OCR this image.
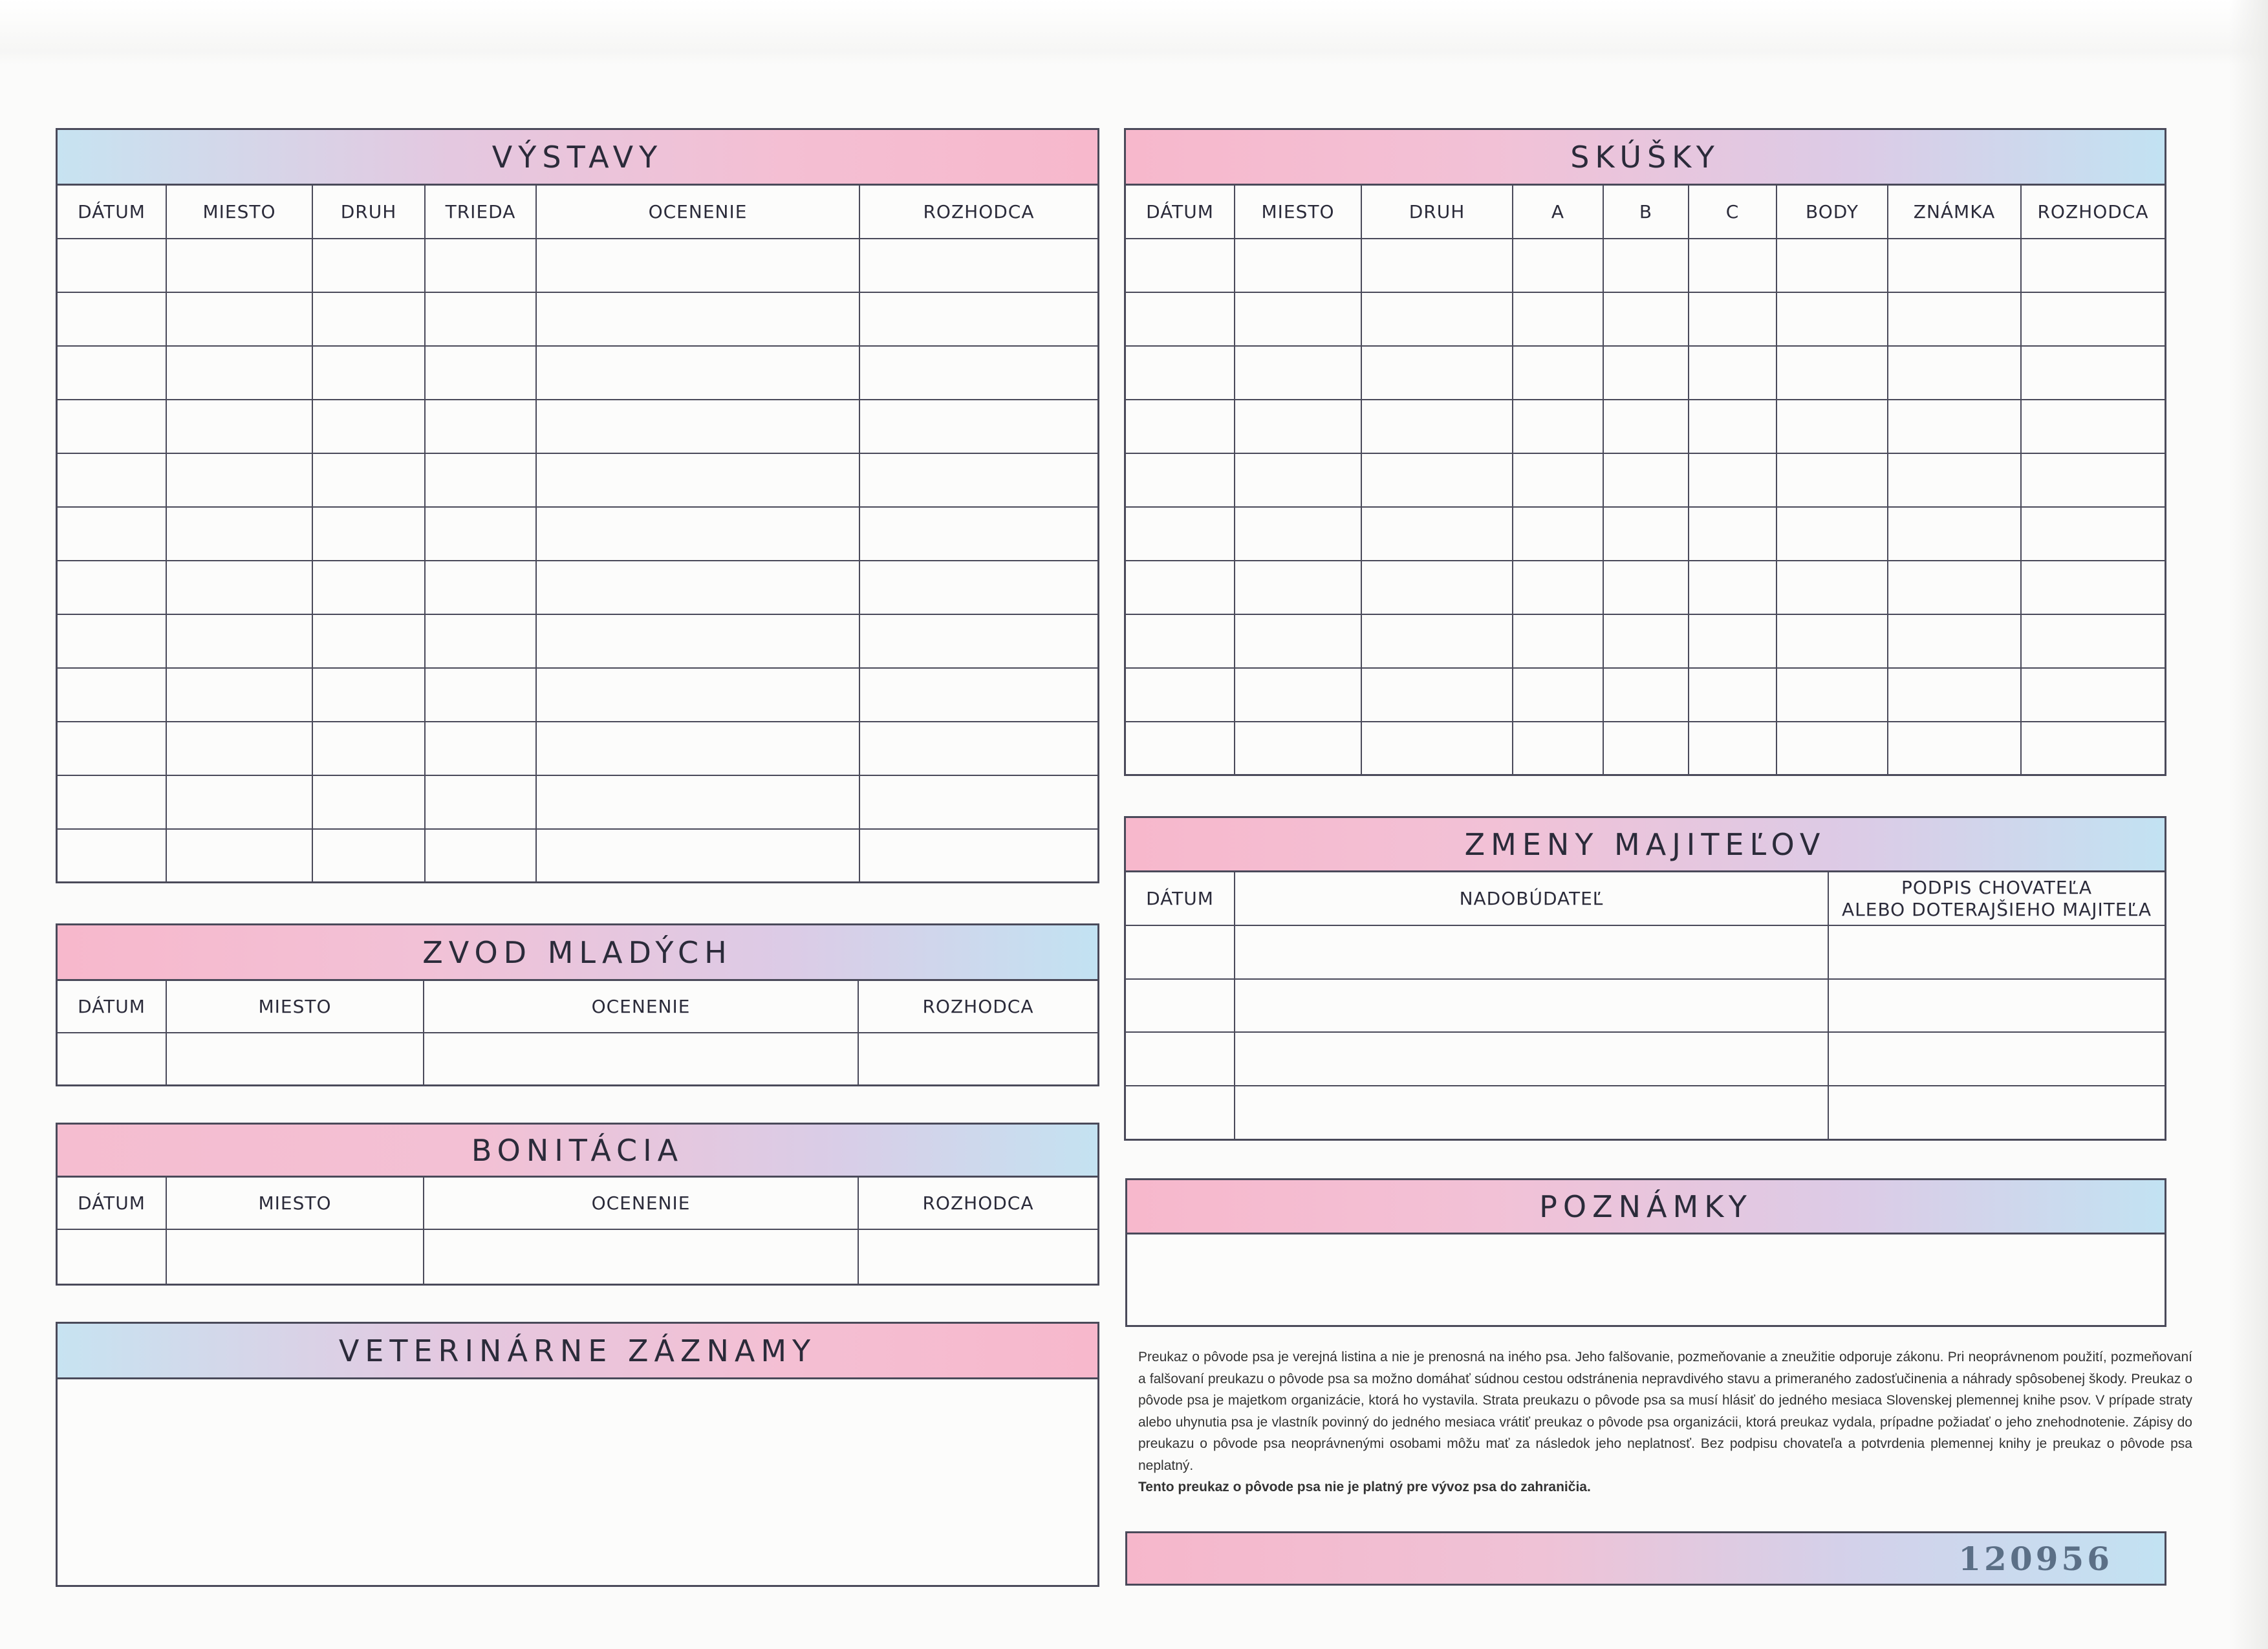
VÝSTAVY
DÁTUM	MIESTO	DRUH	TRIEDA	OCENENIE	ROZHODCA

SKÚŠKY
DÁTUM	MIESTO	DRUH	A	B	C	BODY	ZNÁMKA	ROZHODCA

ZVOD MLADÝCH
DÁTUM	MIESTO	OCENENIE	ROZHODCA

BONITÁCIA
DÁTUM	MIESTO	OCENENIE	ROZHODCA

VETERINÁRNE ZÁZNAMY
ZMENY MAJITEĽOV
DÁTUM	NADOBÚDATEĽ	PODPIS CHOVATEĽA
ALEBO DOTERAJŠIEHO MAJITEĽA

POZNÁMKY
Preukaz o pôvode psa je verejná listina a nie je prenosná na iného psa. Jeho falšovanie, pozmeňovanie a zneužitie odporuje zákonu. Pri neoprávnenom použití, pozmeňovaní a falšovaní preukazu o pôvode psa sa možno domáhať súdnou cestou odstránenia nepravdivého stavu a primeraného zadosťučinenia a náhrady spôsobenej škody. Preukaz o pôvode psa je majetkom organizácie, ktorá ho vystavila. Strata preukazu o pôvode psa sa musí hlásiť do jedného mesiaca Slovenskej plemennej knihe psov. V prípade straty alebo uhynutia psa je vlastník povinný do jedného mesiaca vrátiť preukaz o pôvode psa organizácii, ktorá preukaz vydala, prípadne požiadať o jeho znehodnotenie. Zápisy do preukazu o pôvode psa neoprávnenými osobami môžu mať za následok jeho neplatnosť. Bez podpisu chovateľa a potvrdenia plemennej knihy je preukaz o pôvode psa neplatný.
Tento preukaz o pôvode psa nie je platný pre vývoz psa do zahraničia.
120956
